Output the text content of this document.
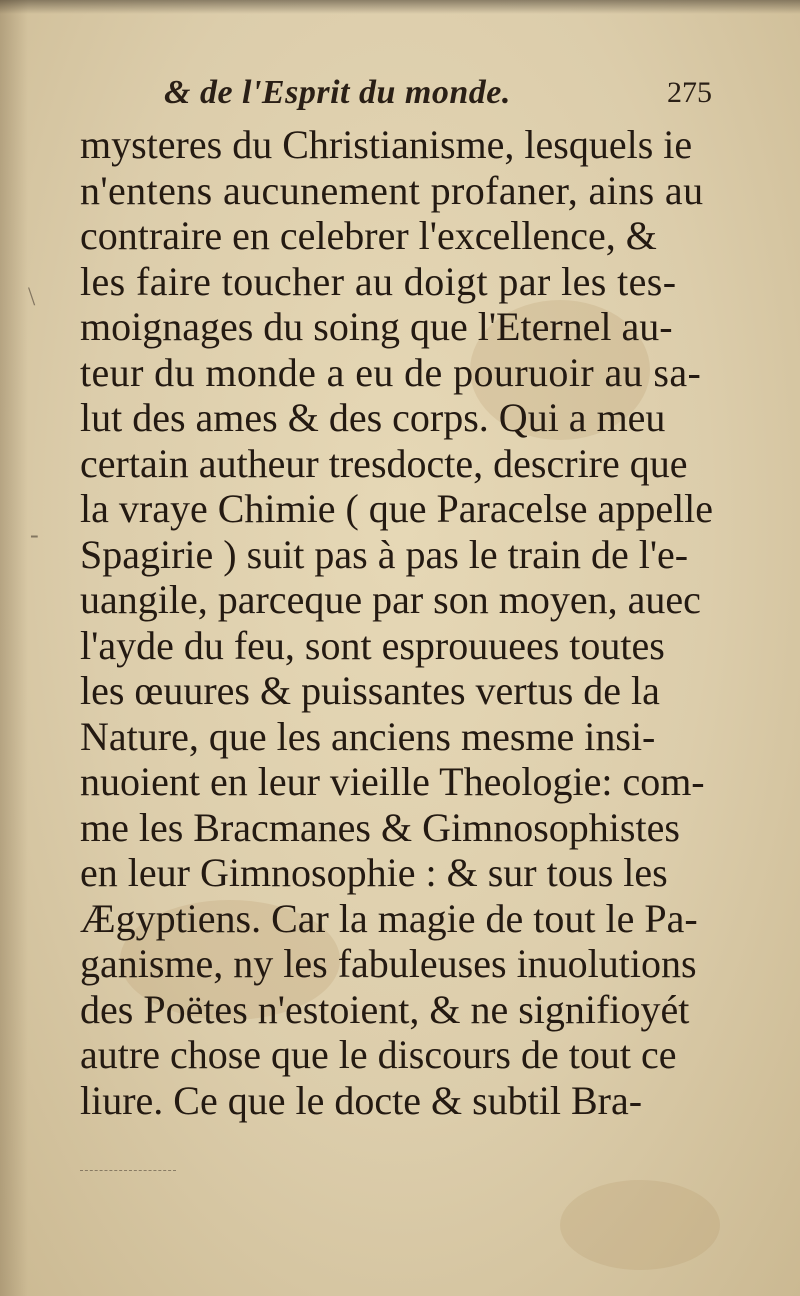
& de l'Esprit du monde.	275
mysteres du Christianisme, lesquels ie
n'entens aucunement profaner, ains au
contraire en celebrer l'excellence, &
les faire toucher au doigt par les tes-
moignages du soing que l'Eternel au-
teur du monde a eu de pouruoir au sa-
lut des ames & des corps. Qui a meu
certain autheur tresdocte, descrire que
la vraye Chimie ( que Paracelse appelle
Spagirie ) suit pas à pas le train de l'e-
uangile, parceque par son moyen, auec
l'ayde du feu, sont esprouuees toutes
les œuures & puissantes vertus de la
Nature, que les anciens mesme insi-
nuoient en leur vieille Theologie: com-
me les Bracmanes & Gimnosophistes
en leur Gimnosophie : & sur tous les
Ægyptiens. Car la magie de tout le Pa-
ganisme, ny les fabuleuses inuolutions
des Poëtes n'estoient, & ne signifioyét
autre chose que le discours de tout ce
liure. Ce que le docte & subtil Bra-
\
-
